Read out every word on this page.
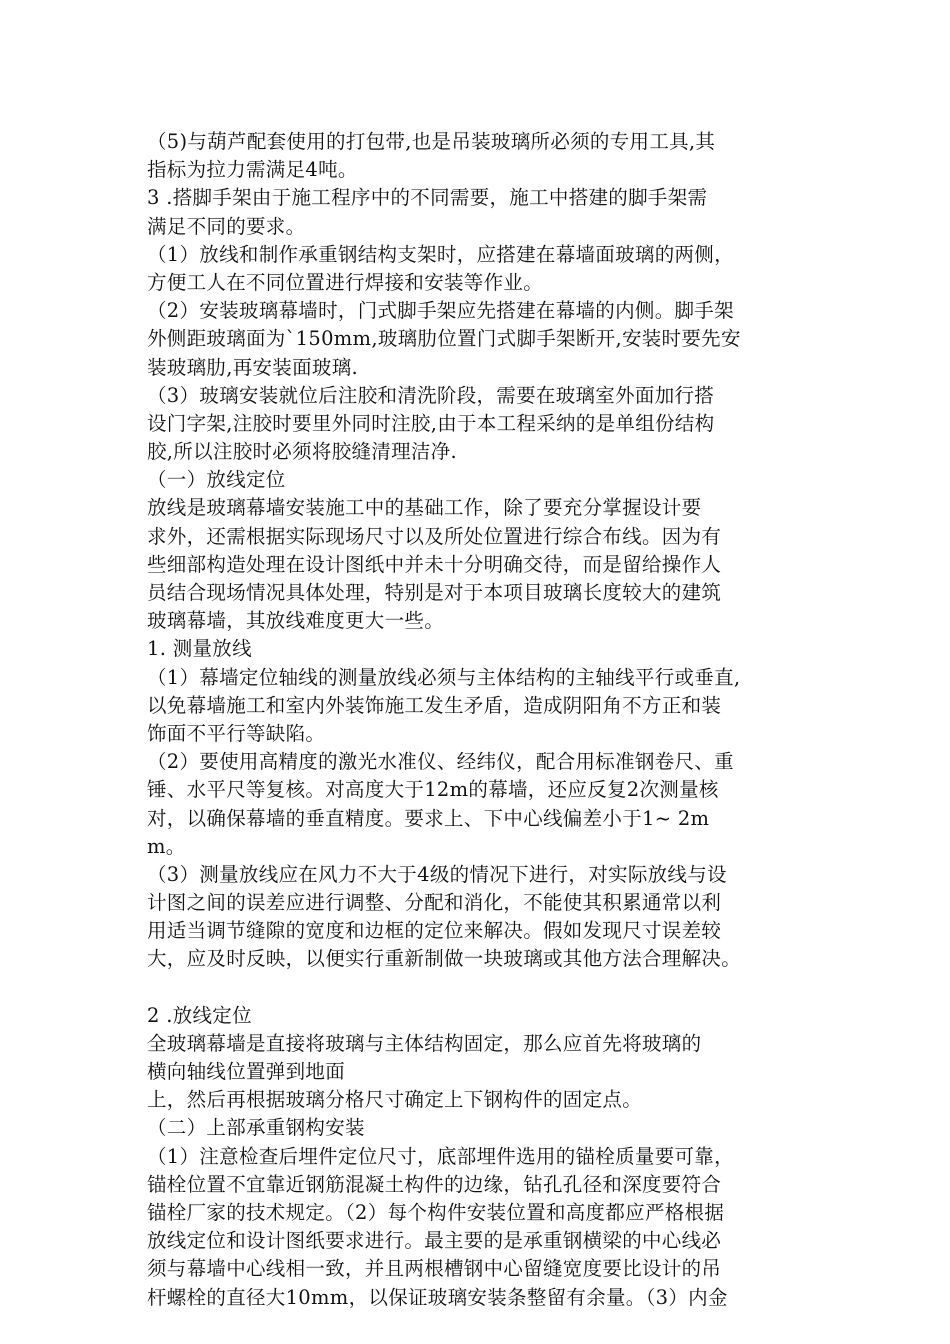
（5)与葫芦配套使用的打包带,也是吊装玻璃所必须的专用工具,其
指标为拉力需满足4吨。
3 .搭脚手架由于施工程序中的不同需要，施工中搭建的脚手架需
满足不同的要求。
（1）放线和制作承重钢结构支架时，应搭建在幕墙面玻璃的两侧，
方便工人在不同位置进行焊接和安装等作业。
（2）安装玻璃幕墙时，门式脚手架应先搭建在幕墙的内侧。脚手架
外侧距玻璃面为`150mm,玻璃肋位置门式脚手架断开,安装时要先安
装玻璃肋,再安装面玻璃.
（3）玻璃安装就位后注胶和清洗阶段，需要在玻璃室外面加行搭
设门字架,注胶时要里外同时注胶,由于本工程采纳的是单组份结构
胶,所以注胶时必须将胶缝清理洁净.
（一）放线定位
放线是玻璃幕墙安装施工中的基础工作，除了要充分掌握设计要
求外，还需根据实际现场尺寸以及所处位置进行综合布线。因为有
些细部构造处理在设计图纸中并未十分明确交待，而是留给操作人
员结合现场情况具体处理，特别是对于本项目玻璃长度较大的建筑
玻璃幕墙，其放线难度更大一些。
1. 测量放线
（1）幕墙定位轴线的测量放线必须与主体结构的主轴线平行或垂直,
以免幕墙施工和室内外装饰施工发生矛盾，造成阴阳角不方正和装
饰面不平行等缺陷。
（2）要使用高精度的激光水准仪、经纬仪，配合用标准钢卷尺、重
锤、水平尺等复核。对高度大于12m的幕墙，还应反复2次测量核
对，以确保幕墙的垂直精度。要求上、下中心线偏差小于1~ 2m
m。
（3）测量放线应在风力不大于4级的情况下进行，对实际放线与设
计图之间的误差应进行调整、分配和消化，不能使其积累通常以利
用适当调节缝隙的宽度和边框的定位来解决。假如发现尺寸误差较
大，应及时反映，以便实行重新制做一块玻璃或其他方法合理解决。
2 .放线定位
全玻璃幕墙是直接将玻璃与主体结构固定，那么应首先将玻璃的
横向轴线位置弹到地面
上，然后再根据玻璃分格尺寸确定上下钢构件的固定点。
（二）上部承重钢构安装
（1）注意检查后埋件定位尺寸，底部埋件选用的锚栓质量要可靠，
锚栓位置不宜靠近钢筋混凝土构件的边缘，钻孔孔径和深度要符合
锚栓厂家的技术规定。（2）每个构件安装位置和高度都应严格根据
放线定位和设计图纸要求进行。最主要的是承重钢横梁的中心线必
须与幕墙中心线相一致，并且两根槽钢中心留缝宽度要比设计的吊
杆螺栓的直径大10mm，以保证玻璃安装条整留有余量。（3）内金
